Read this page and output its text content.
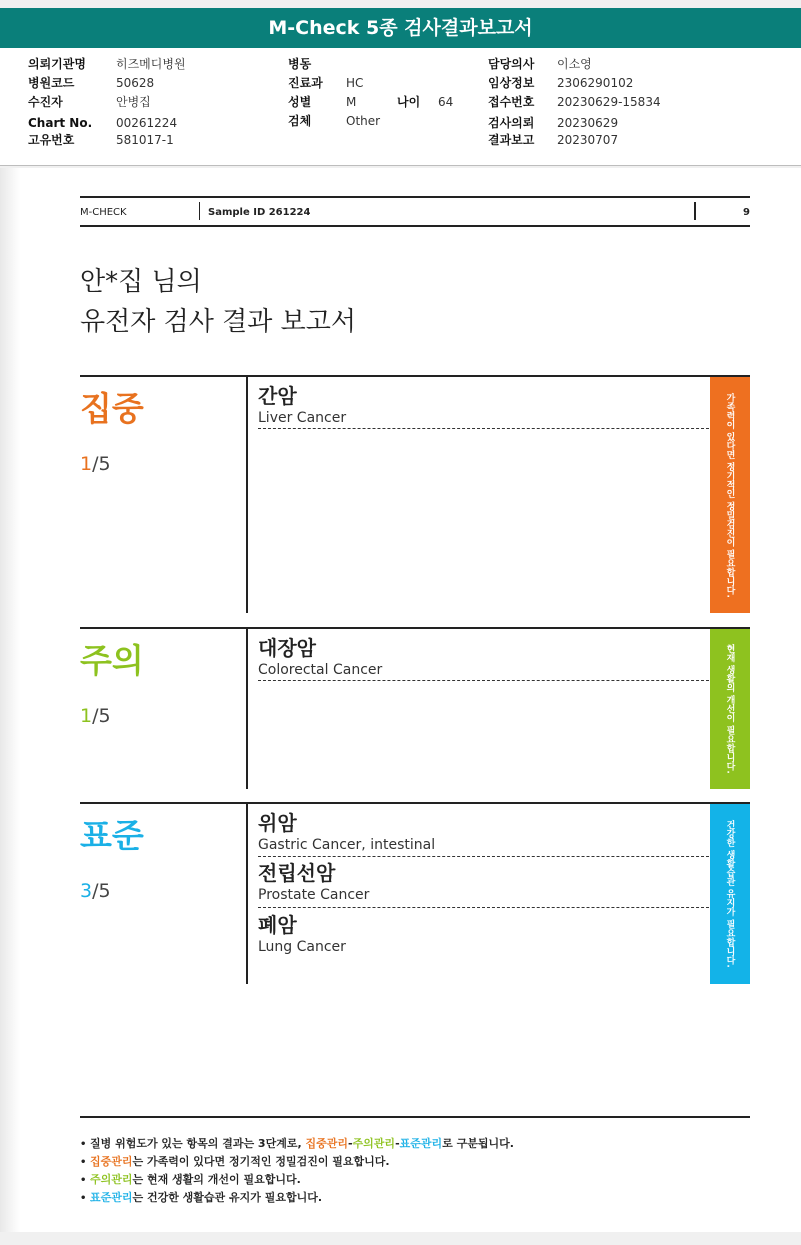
M-Check 5종 검사결과보고서
의뢰기관명	히즈메디병원
병원코드	50628
수진자	안병집
Chart No. 00261224
고유번호	581017-1
병동
진료과 HC
성별	M	나이 64
검체	Other
담당의사 이소영
임상정보 2306290102
접수번호 20230629-15834
검사의뢰 20230629
결과보고 20230707
M-CHECK	Sample ID 261224	9
안*집 님의
유전자 검사 결과 보고서
집중
1/5
간암
Liver Cancer	가족력이 있다면 정기적인 정밀검진이 필요합니다.
주의
1/5
대장암
Colorectal Cancer	현재 생활의 개선이 필요합니다.
표준
3/5
위암
Gastric Cancer, intestinal
전립선암
Prostate Cancer
폐암
Lung Cancer	건강한 생활습관 유지가 필요합니다.
• 질병 위험도가 있는 항목의 결과는 3단계로, 집중관리-주의관리-표준관리로 구분됩니다.
• 집중관리는 가족력이 있다면 정기적인 정밀검진이 필요합니다.
• 주의관리는 현재 생활의 개선이 필요합니다.
• 표준관리는 건강한 생활습관 유지가 필요합니다.
